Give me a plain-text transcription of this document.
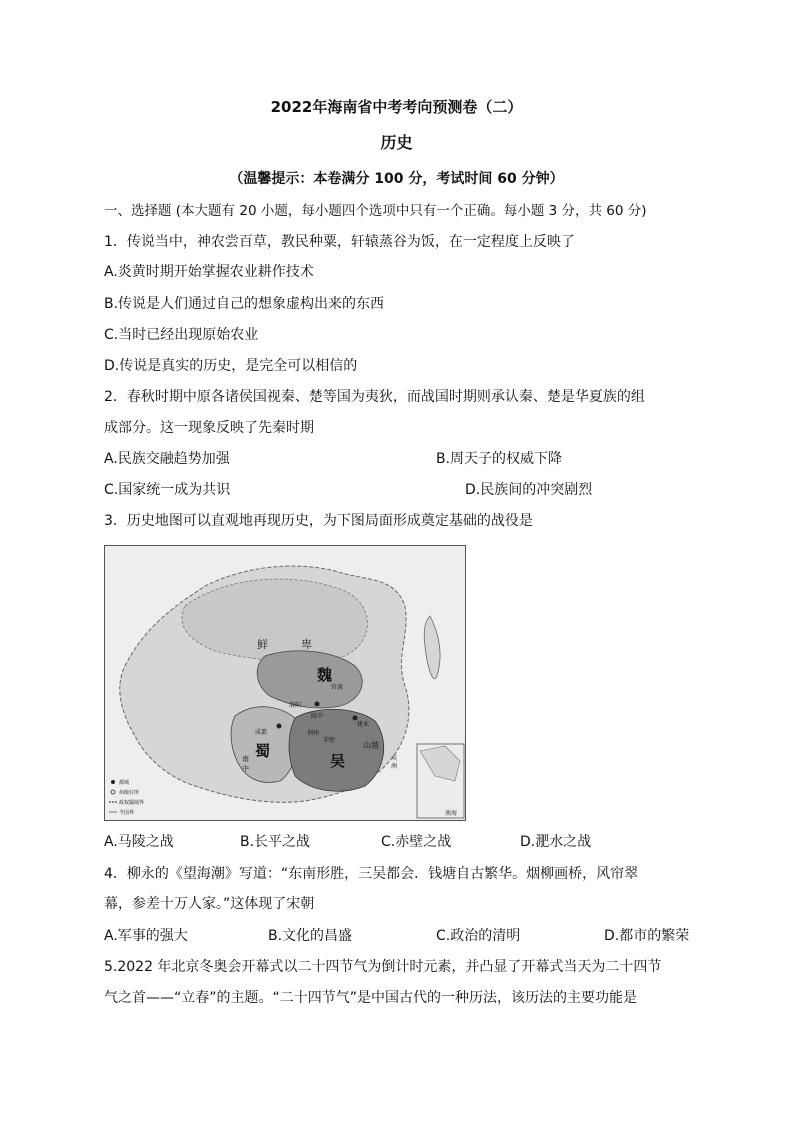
2022年海南省中考考向预测卷（二）
历史
（温馨提示：本卷满分 100 分，考试时间 60 分钟）
一、选择题 (本大题有 20 小题，每小题四个选项中只有一个正确。每小题 3 分，共 60 分)
1．传说当中，神农尝百草，教民种粟，轩辕蒸谷为饭，在一定程度上反映了
A.炎黄时期开始掌握农业耕作技术
B.传说是人们通过自己的想象虚构出来的东西
C.当时已经出现原始农业
D.传说是真实的历史，是完全可以相信的
2．春秋时期中原各诸侯国视秦、楚等国为夷狄，而战国时期则承认秦、楚是华夏族的组
成部分。这一现象反映了先秦时期
A.民族交融趋势加强	B.周天子的权威下降
C.国家统一成为共识	D.民族间的冲突剧烈
3．历史地图可以直观地再现历史，为下图局面形成奠定基础的战役是
鲜	卑
魏
蜀
吴
洛阳
官渡
成都
隆中
荆州
赤壁
建业
山越
南
中
夷
洲
南海
都城
州级驻所
政权疆域界
今国界
A.马陵之战	B.长平之战	C.赤壁之战	D.淝水之战
4．柳永的《望海潮》写道：“东南形胜，三吴都会．钱塘自古繁华。烟柳画桥，风帘翠
幕，参差十万人家。”这体现了宋朝
A.军事的强大	B.文化的昌盛	C.政治的清明	D.都市的繁荣
5.2022 年北京冬奥会开幕式以二十四节气为倒计时元素，并凸显了开幕式当天为二十四节
气之首——“立春”的主题。“二十四节气”是中国古代的一种历法，该历法的主要功能是
